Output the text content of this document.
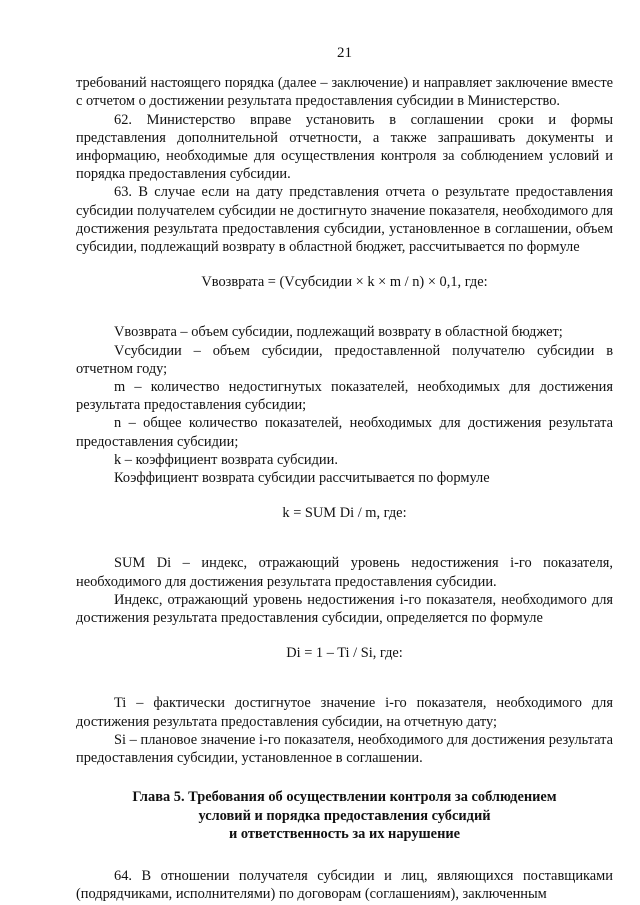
21

требований настоящего порядка (далее – заключение) и направляет заключение вместе с отчетом о достижении результата предоставления субсидии в Министерство.

62. Министерство вправе установить в соглашении сроки и формы представления дополнительной отчетности, а также запрашивать документы и информацию, необходимые для осуществления контроля за соблюдением условий и порядка предоставления субсидии.

63. В случае если на дату представления отчета о результате предоставления субсидии получателем субсидии не достигнуто значение показателя, необходимого для достижения результата предоставления субсидии, установленное в соглашении, объем субсидии, подлежащий возврату в областной бюджет, рассчитывается по формуле

Vвозврата = (Vсубсидии × k × m / n) × 0,1, где:

Vвозврата – объем субсидии, подлежащий возврату в областной бюджет;

Vсубсидии – объем субсидии, предоставленной получателю субсидии в отчетном году;

m – количество недостигнутых показателей, необходимых для достижения результата предоставления субсидии;

n – общее количество показателей, необходимых для достижения результата предоставления субсидии;

k – коэффициент возврата субсидии.

Коэффициент возврата субсидии рассчитывается по формуле

k = SUM Di / m, где:

SUM Di – индекс, отражающий уровень недостижения i-го показателя, необходимого для достижения результата предоставления субсидии.

Индекс, отражающий уровень недостижения i-го показателя, необходимого для достижения результата предоставления субсидии, определяется по формуле

Di = 1 – Ti / Si, где:

Ti – фактически достигнутое значение i-го показателя, необходимого для достижения результата предоставления субсидии, на отчетную дату;

Si – плановое значение i-го показателя, необходимого для достижения результата предоставления субсидии, установленное в соглашении.

Глава 5. Требования об осуществлении контроля за соблюдением
условий и порядка предоставления субсидий
и ответственность за их нарушение

64. В отношении получателя субсидии и лиц, являющихся поставщиками (подрядчиками, исполнителями) по договорам (соглашениям), заключенным
